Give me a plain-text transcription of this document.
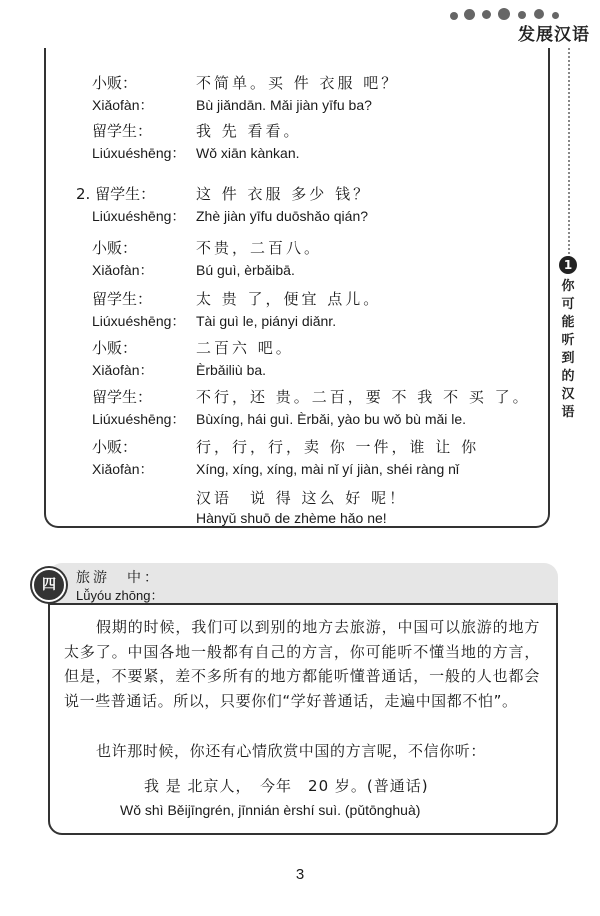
发展汉语
1
你可能听到的汉语
小贩：	不简单。买 件 衣服 吧？
Xiǎofàn：	Bù jiǎndān. Mǎi jiàn yīfu ba?
留学生：	我 先 看看。
Liúxuéshēng： Wǒ xiān kànkan.
2. 留学生：	这 件 衣服 多少 钱？
Liúxuéshēng： Zhè jiàn yīfu duōshǎo qián?
小贩：	不贵，二百八。
Xiǎofàn：	Bú guì, èrbǎibā.
留学生：	太 贵 了，便宜 点儿。
Liúxuéshēng： Tài guì le, piányi diǎnr.
小贩：	二百六 吧。
Xiǎofàn：	Èrbǎiliù ba.
留学生：	不行，还 贵。二百，要 不 我 不 买 了。
Liúxuéshēng： Bùxíng, hái guì. Èrbǎi, yào bu wǒ bù mǎi le.
小贩：	行，行，行，卖 你 一件，谁 让 你
Xiǎofàn：	Xíng, xíng, xíng, mài nǐ yí jiàn, shéi ràng nǐ
汉语　说 得 这么 好 呢！
Hànyǔ shuō de zhème hǎo ne!
四	旅游　中：
Lǚyóu zhōng：
假期的时候，我们可以到别的地方去旅游，中国可以旅游的地方太多了。中国各地一般都有自己的方言，你可能听不懂当地的方言，但是，不要紧，差不多所有的地方都能听懂普通话，一般的人也都会说一些普通话。所以，只要你们“学好普通话，走遍中国都不怕”。
也许那时候，你还有心情欣赏中国的方言呢，不信你听：
我 是 北京人，　今年　20 岁。(普通话)
Wǒ shì Běijīngrén, jīnnián èrshí suì. (pǔtōnghuà)
3
